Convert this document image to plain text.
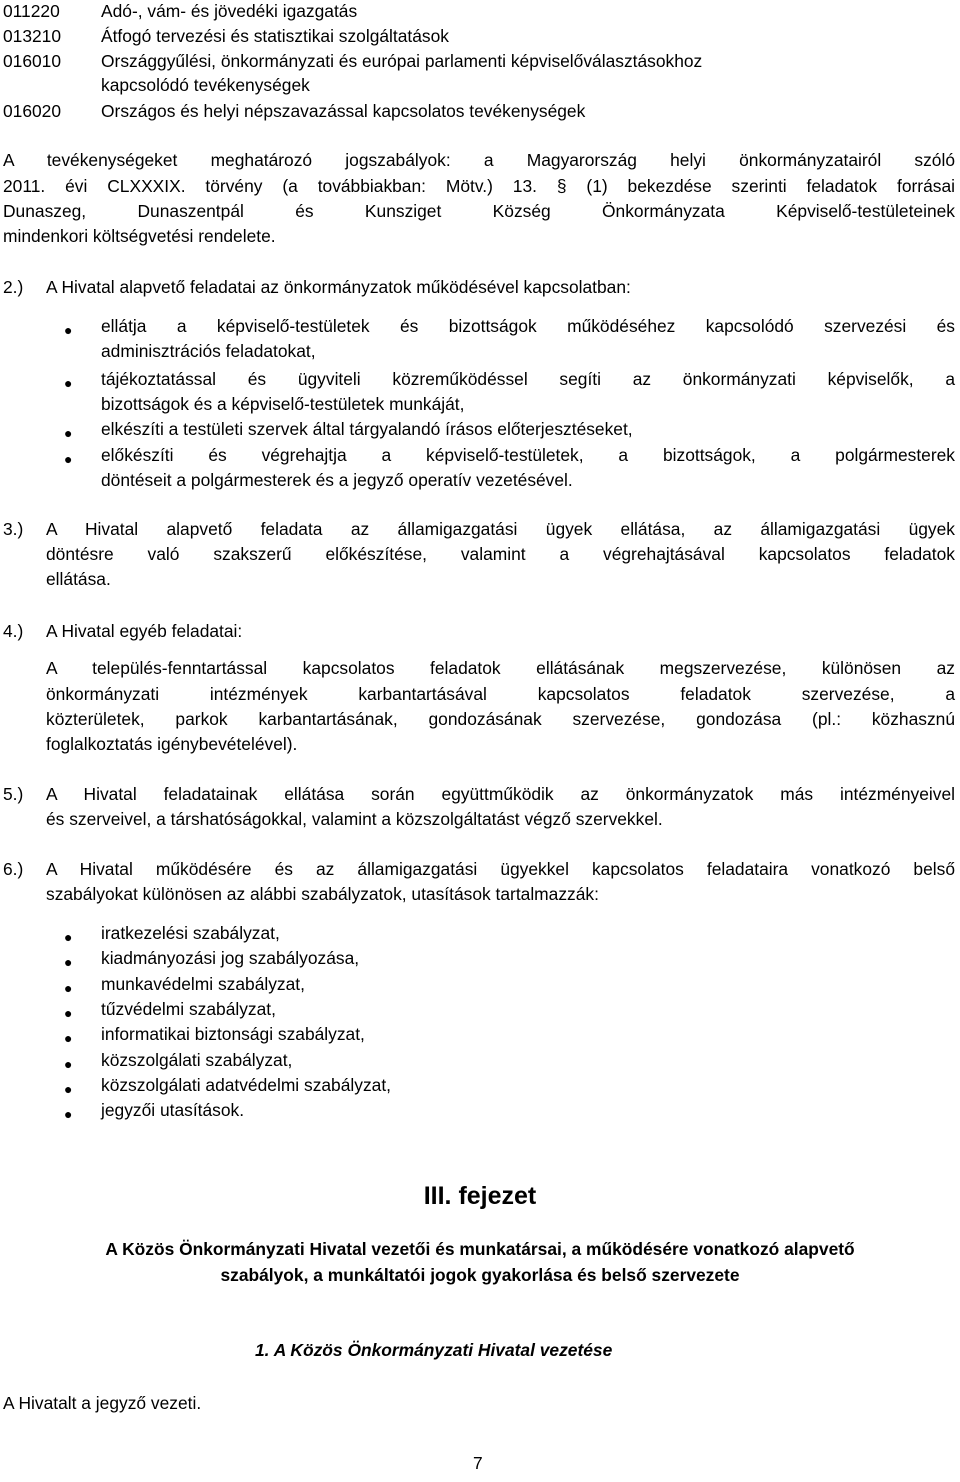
011220 Adó-, vám- és jövedéki igazgatás
013210 Átfogó tervezési és statisztikai szolgáltatások
016010 Országgyűlési, önkormányzati és európai parlamenti képviselőválasztásokhoz
kapcsolódó tevékenységek
016020 Országos és helyi népszavazással kapcsolatos tevékenységek
A tevékenységeket meghatározó jogszabályok: a Magyarország helyi önkormányzatairól szóló
2011. évi CLXXXIX. törvény (a továbbiakban: Mötv.) 13. § (1) bekezdése szerinti feladatok forrásai
Dunaszeg, Dunaszentpál és Kunsziget Község Önkormányzata Képviselő-testületeinek
mindenkori költségvetési rendelete.
2.) A Hivatal alapvető feladatai az önkormányzatok működésével kapcsolatban:
● ellátja a képviselő-testületek és bizottságok működéséhez kapcsolódó szervezési és
adminisztrációs feladatokat,
● tájékoztatással és ügyviteli közreműködéssel segíti az önkormányzati képviselők, a
bizottságok és a képviselő-testületek munkáját,
● elkészíti a testületi szervek által tárgyalandó írásos előterjesztéseket,
● előkészíti és végrehajtja a képviselő-testületek, a bizottságok, a polgármesterek
döntéseit a polgármesterek és a jegyző operatív vezetésével.
3.) A Hivatal alapvető feladata az államigazgatási ügyek ellátása, az államigazgatási ügyek
döntésre való szakszerű előkészítése, valamint a végrehajtásával kapcsolatos feladatok
ellátása.
4.) A Hivatal egyéb feladatai:
A település-fenntartással kapcsolatos feladatok ellátásának megszervezése, különösen az
önkormányzati intézmények karbantartásával kapcsolatos feladatok szervezése, a
közterületek, parkok karbantartásának, gondozásának szervezése, gondozása (pl.: közhasznú
foglalkoztatás igénybevételével).
5.) A Hivatal feladatainak ellátása során együttműködik az önkormányzatok más intézményeivel
és szerveivel, a társhatóságokkal, valamint a közszolgáltatást végző szervekkel.
6.) A Hivatal működésére és az államigazgatási ügyekkel kapcsolatos feladataira vonatkozó belső
szabályokat különösen az alábbi szabályzatok, utasítások tartalmazzák:
● iratkezelési szabályzat,
● kiadmányozási jog szabályozása,
● munkavédelmi szabályzat,
● tűzvédelmi szabályzat,
● informatikai biztonsági szabályzat,
● közszolgálati szabályzat,
● közszolgálati adatvédelmi szabályzat,
● jegyzői utasítások.
III. fejezet
A Közös Önkormányzati Hivatal vezetői és munkatársai, a működésére vonatkozó alapvető
szabályok, a munkáltatói jogok gyakorlása és belső szervezete
1. A Közös Önkormányzati Hivatal vezetése
A Hivatalt a jegyző vezeti.
7
